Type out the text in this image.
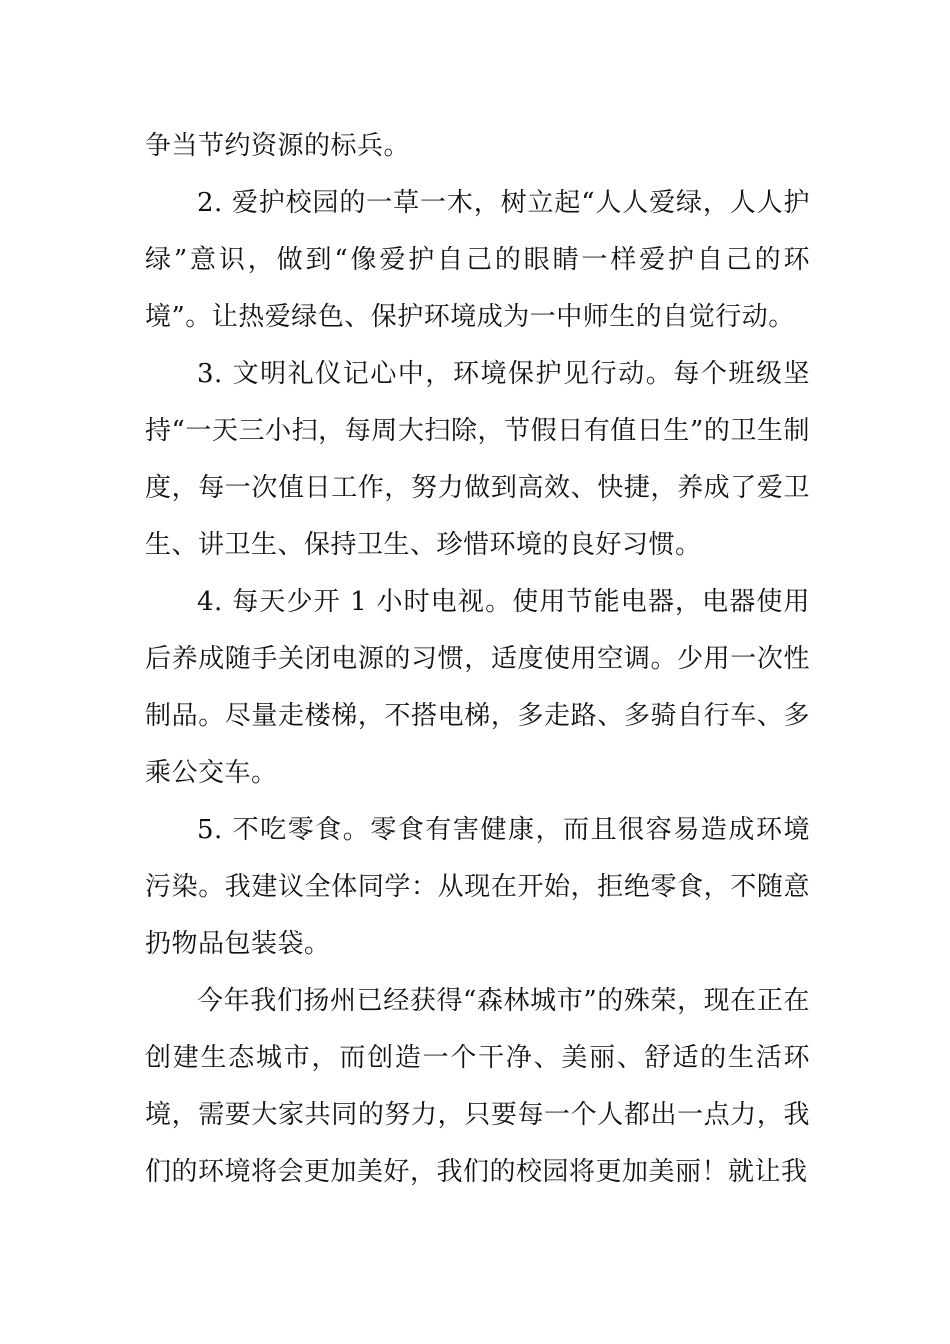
争当节约资源的标兵。

2. 爱护校园的一草一木，树立起“人人爱绿，人人护绿”意识，做到“像爱护自己的眼睛一样爱护自己的环境”。让热爱绿色、保护环境成为一中师生的自觉行动。

3. 文明礼仪记心中，环境保护见行动。每个班级坚持“一天三小扫，每周大扫除，节假日有值日生”的卫生制度，每一次值日工作，努力做到高效、快捷，养成了爱卫生、讲卫生、保持卫生、珍惜环境的良好习惯。

4. 每天少开 1 小时电视。使用节能电器，电器使用后养成随手关闭电源的习惯，适度使用空调。少用一次性制品。尽量走楼梯，不搭电梯，多走路、多骑自行车、多乘公交车。

5. 不吃零食。零食有害健康，而且很容易造成环境污染。我建议全体同学：从现在开始，拒绝零食，不随意扔物品包装袋。

今年我们扬州已经获得“森林城市”的殊荣，现在正在创建生态城市，而创造一个干净、美丽、舒适的生活环境，需要大家共同的努力，只要每一个人都出一点力，我们的环境将会更加美好，我们的校园将更加美丽！就让我
